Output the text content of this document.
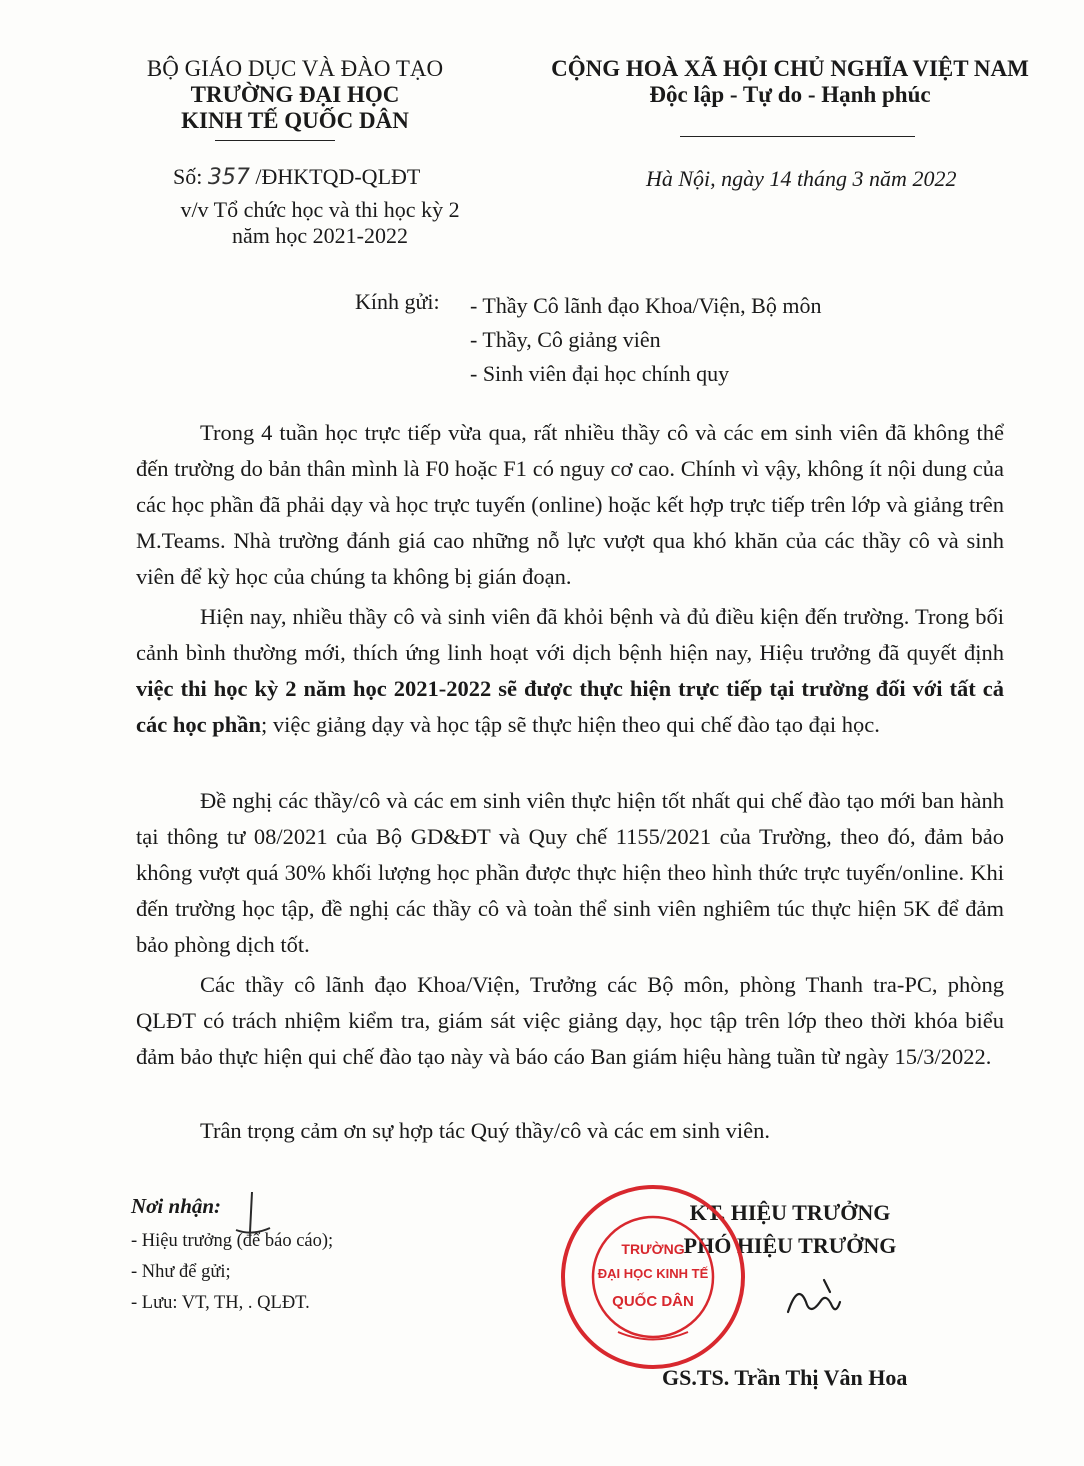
BỘ GIÁO DỤC VÀ ĐÀO TẠO
TRƯỜNG ĐẠI HỌC
KINH TẾ QUỐC DÂN
CỘNG HOÀ XÃ HỘI CHỦ NGHĨA VIỆT NAM
Độc lập - Tự do - Hạnh phúc
Số: 357 /ĐHKTQD-QLĐT
v/v Tổ chức học và thi học kỳ 2
năm học 2021-2022
Hà Nội, ngày 14 tháng 3 năm 2022
Kính gửi: - Thầy Cô lãnh đạo Khoa/Viện, Bộ môn
- Thầy, Cô giảng viên
- Sinh viên đại học chính quy

Trong 4 tuần học trực tiếp vừa qua, rất nhiều thầy cô và các em sinh viên đã không thể đến trường do bản thân mình là F0 hoặc F1 có nguy cơ cao. Chính vì vậy, không ít nội dung của các học phần đã phải dạy và học trực tuyến (online) hoặc kết hợp trực tiếp trên lớp và giảng trên M.Teams. Nhà trường đánh giá cao những nỗ lực vượt qua khó khăn của các thầy cô và sinh viên để kỳ học của chúng ta không bị gián đoạn.

Hiện nay, nhiều thầy cô và sinh viên đã khỏi bệnh và đủ điều kiện đến trường. Trong bối cảnh bình thường mới, thích ứng linh hoạt với dịch bệnh hiện nay, Hiệu trưởng đã quyết định việc thi học kỳ 2 năm học 2021-2022 sẽ được thực hiện trực tiếp tại trường đối với tất cả các học phần; việc giảng dạy và học tập sẽ thực hiện theo qui chế đào tạo đại học.

Đề nghị các thầy/cô và các em sinh viên thực hiện tốt nhất qui chế đào tạo mới ban hành tại thông tư 08/2021 của Bộ GD&ĐT và Quy chế 1155/2021 của Trường, theo đó, đảm bảo không vượt quá 30% khối lượng học phần được thực hiện theo hình thức trực tuyến/online. Khi đến trường học tập, đề nghị các thầy cô và toàn thể sinh viên nghiêm túc thực hiện 5K để đảm bảo phòng dịch tốt.

Các thầy cô lãnh đạo Khoa/Viện, Trưởng các Bộ môn, phòng Thanh tra-PC, phòng QLĐT có trách nhiệm kiểm tra, giám sát việc giảng dạy, học tập trên lớp theo thời khóa biểu đảm bảo thực hiện qui chế đào tạo này và báo cáo Ban giám hiệu hàng tuần từ ngày 15/3/2022.

Trân trọng cảm ơn sự hợp tác Quý thầy/cô và các em sinh viên.

Nơi nhận:
- Hiệu trưởng (để báo cáo);
- Như để gửi;
- Lưu: VT, TH, . QLĐT.
KT. HIỆU TRƯỞNG
PHÓ HIỆU TRƯỞNG
GS.TS. Trần Thị Vân Hoa
TRƯỜNG
ĐẠI HỌC KINH TẾ
QUỐC DÂN
